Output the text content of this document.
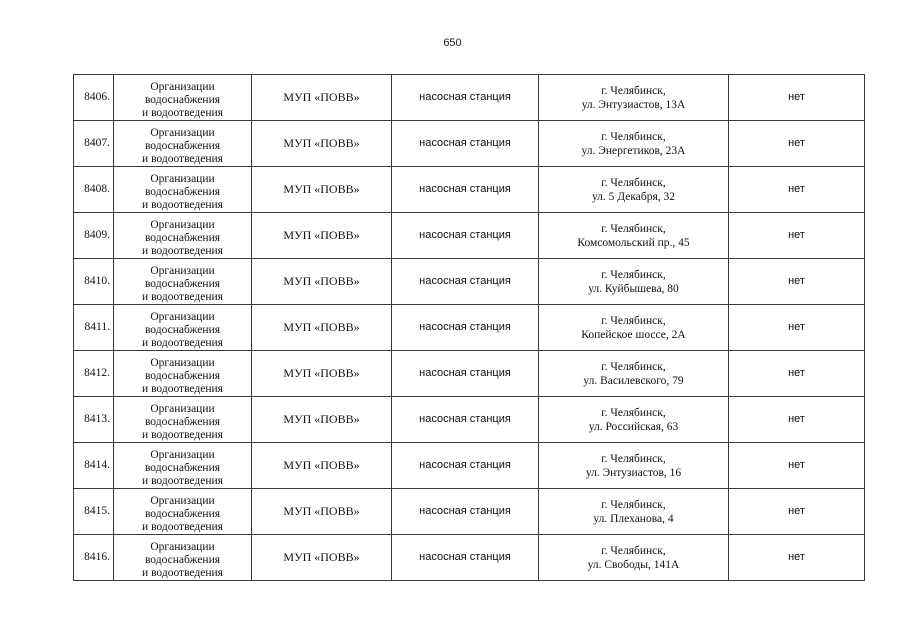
650
8406.	Организации
водоснабжения
и водоотведения	МУП «ПОВВ»	насосная станция	г. Челябинск,
ул. Энтузиастов, 13А	нет
8407.	Организации
водоснабжения
и водоотведения	МУП «ПОВВ»	насосная станция	г. Челябинск,
ул. Энергетиков, 23А	нет
8408.	Организации
водоснабжения
и водоотведения	МУП «ПОВВ»	насосная станция	г. Челябинск,
ул. 5 Декабря, 32	нет
8409.	Организации
водоснабжения
и водоотведения	МУП «ПОВВ»	насосная станция	г. Челябинск,
Комсомольский пр., 45	нет
8410.	Организации
водоснабжения
и водоотведения	МУП «ПОВВ»	насосная станция	г. Челябинск,
ул. Куйбышева, 80	нет
8411.	Организации
водоснабжения
и водоотведения	МУП «ПОВВ»	насосная станция	г. Челябинск,
Копейское шоссе, 2А	нет
8412.	Организации
водоснабжения
и водоотведения	МУП «ПОВВ»	насосная станция	г. Челябинск,
ул. Василевского, 79	нет
8413.	Организации
водоснабжения
и водоотведения	МУП «ПОВВ»	насосная станция	г. Челябинск,
ул. Российская, 63	нет
8414.	Организации
водоснабжения
и водоотведения	МУП «ПОВВ»	насосная станция	г. Челябинск,
ул. Энтузиастов, 16	нет
8415.	Организации
водоснабжения
и водоотведения	МУП «ПОВВ»	насосная станция	г. Челябинск,
ул. Плеханова, 4	нет
8416.	Организации
водоснабжения
и водоотведения	МУП «ПОВВ»	насосная станция	г. Челябинск,
ул. Свободы, 141А	нет
